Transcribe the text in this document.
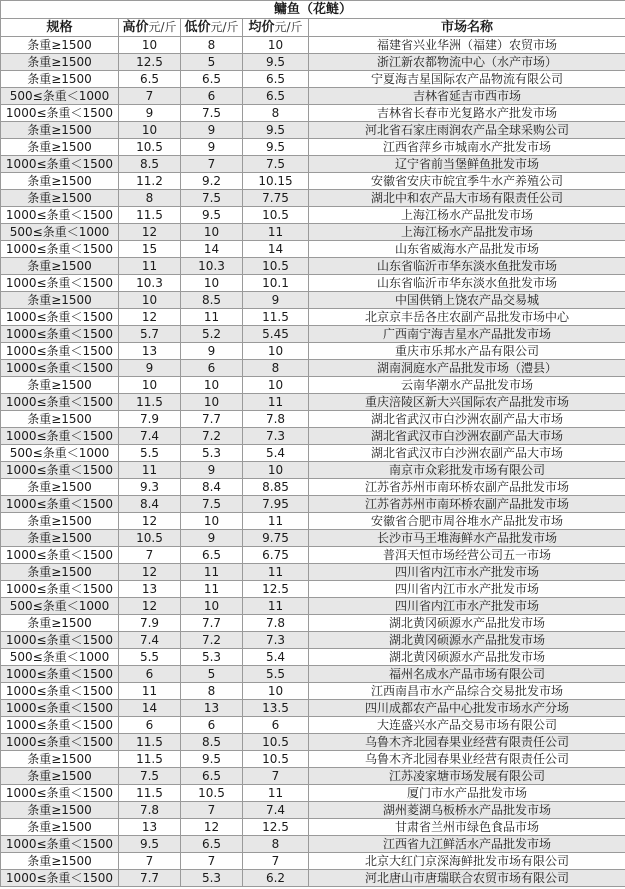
鳙鱼（花鲢）				
规格	高价元/斤	低价元/斤	均价元/斤	市场名称
条重≥1500	10	8	10	福建省兴业华洲（福建）农贸市场
条重≥1500	12.5	5	9.5	浙江新农都物流中心（水产市场）
条重≥1500	6.5	6.5	6.5	宁夏海吉星国际农产品物流有限公司
500≤条重＜1000	7	6	6.5	吉林省延吉市西市场
1000≤条重＜1500	9	7.5	8	吉林省长春市光复路水产批发市场
条重≥1500	10	9	9.5	河北省石家庄雨润农产品全球采购公司
条重≥1500	10.5	9	9.5	江西省萍乡市城南水产批发市场
1000≤条重＜1500	8.5	7	7.5	辽宁省前当堡鲜鱼批发市场
条重≥1500	11.2	9.2	10.15	安徽省安庆市皖宜季牛水产养殖公司
条重≥1500	8	7.5	7.75	湖北中和农产品大市场有限责任公司
1000≤条重＜1500	11.5	9.5	10.5	上海江杨水产品批发市场
500≤条重＜1000	12	10	11	上海江杨水产品批发市场
1000≤条重＜1500	15	14	14	山东省威海水产品批发市场
条重≥1500	11	10.3	10.5	山东省临沂市华东淡水鱼批发市场
1000≤条重＜1500	10.3	10	10.1	山东省临沂市华东淡水鱼批发市场
条重≥1500	10	8.5	9	中国供销上饶农产品交易城
1000≤条重＜1500	12	11	11.5	北京京丰岳各庄农副产品批发市场中心
1000≤条重＜1500	5.7	5.2	5.45	广西南宁海吉星水产品批发市场
1000≤条重＜1500	13	9	10	重庆市乐邦水产品有限公司
1000≤条重＜1500	9	6	8	湖南洞庭水产品批发市场（澧县）
条重≥1500	10	10	10	云南华潮水产品批发市场
1000≤条重＜1500	11.5	10	11	重庆涪陵区新大兴国际农产品批发市场
条重≥1500	7.9	7.7	7.8	湖北省武汉市白沙洲农副产品大市场
1000≤条重＜1500	7.4	7.2	7.3	湖北省武汉市白沙洲农副产品大市场
500≤条重＜1000	5.5	5.3	5.4	湖北省武汉市白沙洲农副产品大市场
1000≤条重＜1500	11	9	10	南京市众彩批发市场有限公司
条重≥1500	9.3	8.4	8.85	江苏省苏州市南环桥农副产品批发市场
1000≤条重＜1500	8.4	7.5	7.95	江苏省苏州市南环桥农副产品批发市场
条重≥1500	12	10	11	安徽省合肥市周谷堆水产品批发市场
条重≥1500	10.5	9	9.75	长沙市马王堆海鲜水产品批发市场
1000≤条重＜1500	7	6.5	6.75	普洱天恒市场经营公司五一市场
条重≥1500	12	11	11	四川省内江市水产批发市场
1000≤条重＜1500	13	11	12.5	四川省内江市水产批发市场
500≤条重＜1000	12	10	11	四川省内江市水产批发市场
条重≥1500	7.9	7.7	7.8	湖北黄冈硕源水产品批发市场
1000≤条重＜1500	7.4	7.2	7.3	湖北黄冈硕源水产品批发市场
500≤条重＜1000	5.5	5.3	5.4	湖北黄冈硕源水产品批发市场
1000≤条重＜1500	6	5	5.5	福州名成水产品市场有限公司
1000≤条重＜1500	11	8	10	江西南昌市水产品综合交易批发市场
1000≤条重＜1500	14	13	13.5	四川成都农产品中心批发市场水产分场
1000≤条重＜1500	6	6	6	大连盛兴水产品交易市场有限公司
1000≤条重＜1500	11.5	8.5	10.5	乌鲁木齐北园春果业经营有限责任公司
条重≥1500	11.5	9.5	10.5	乌鲁木齐北园春果业经营有限责任公司
条重≥1500	7.5	6.5	7	江苏凌家塘市场发展有限公司
1000≤条重＜1500	11.5	10.5	11	厦门市水产品批发市场
条重≥1500	7.8	7	7.4	湖州菱湖乌板桥水产品批发市场
条重≥1500	13	12	12.5	甘肃省兰州市绿色食品市场
1000≤条重＜1500	9.5	6.5	8	江西省九江鲜活水产品批发市场
条重≥1500	7	7	7	北京大红门京深海鲜批发市场有限公司
1000≤条重＜1500	7.7	5.3	6.2	河北唐山市唐瑞联合农贸市场有限公司
